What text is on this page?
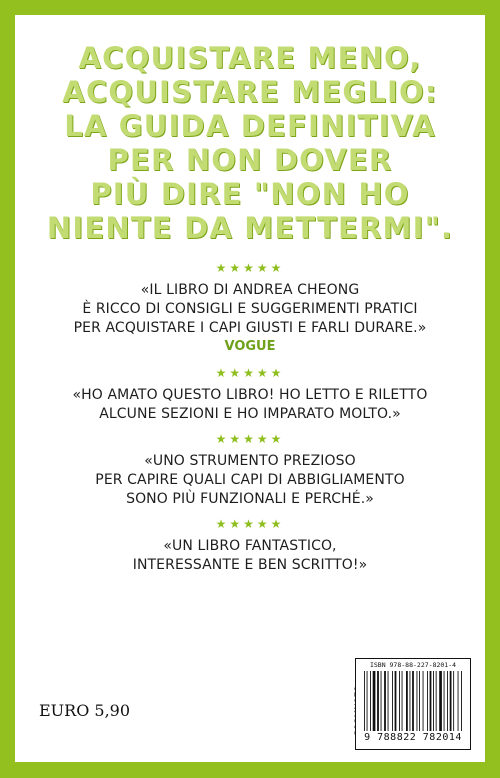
ACQUISTARE MENO,
ACQUISTARE MEGLIO:
LA GUIDA DEFINITIVA
PER NON DOVER
PIÙ DIRE "NON HO
NIENTE DA METTERMI".
★★★★★
«IL LIBRO DI ANDREA CHEONG
È RICCO DI CONSIGLI E SUGGERIMENTI PRATICI
PER ACQUISTARE I CAPI GIUSTI E FARLI DURARE.»
VOGUE
★★★★★
«HO AMATO QUESTO LIBRO! HO LETTO E RILETTO
ALCUNE SEZIONI E HO IMPARATO MOLTO.»
★★★★★
«UNO STRUMENTO PREZIOSO
PER CAPIRE QUALI CAPI DI ABBIGLIAMENTO
SONO PIÙ FUNZIONALI E PERCHÉ.»
★★★★★
«UN LIBRO FANTASTICO,
INTERESSANTE E BEN SCRITTO!»
EURO 5,90
ISBN 978-88-227-8201-4
9 788822 782014
